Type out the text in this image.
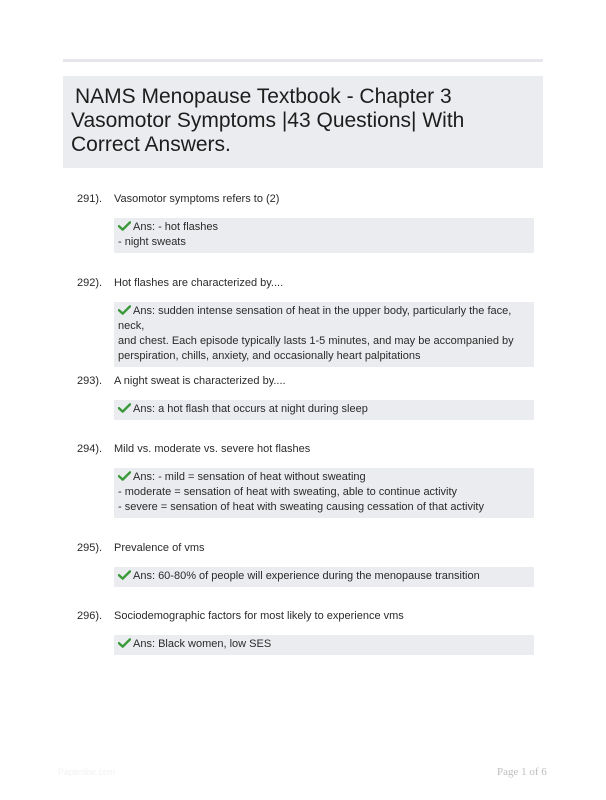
NAMS Menopause Textbook - Chapter 3
Vasomotor Symptoms |43 Questions| With
Correct Answers.
291). Vasomotor symptoms refers to (2)
Ans: - hot flashes
- night sweats
292). Hot flashes are characterized by....
Ans: sudden intense sensation of heat in the upper body, particularly the face, neck,
and chest. Each episode typically lasts 1-5 minutes, and may be accompanied by
perspiration, chills, anxiety, and occasionally heart palpitations
293). A night sweat is characterized by....
Ans: a hot flash that occurs at night during sleep
294). Mild vs. moderate vs. severe hot flashes
Ans: - mild = sensation of heat without sweating
- moderate = sensation of heat with sweating, able to continue activity
- severe = sensation of heat with sweating causing cessation of that activity
295). Prevalence of vms
Ans: 60-80% of people will experience during the menopause transition
296). Sociodemographic factors for most likely to experience vms
Ans: Black women, low SES
Paperlibe.com	Page 1 of 6
